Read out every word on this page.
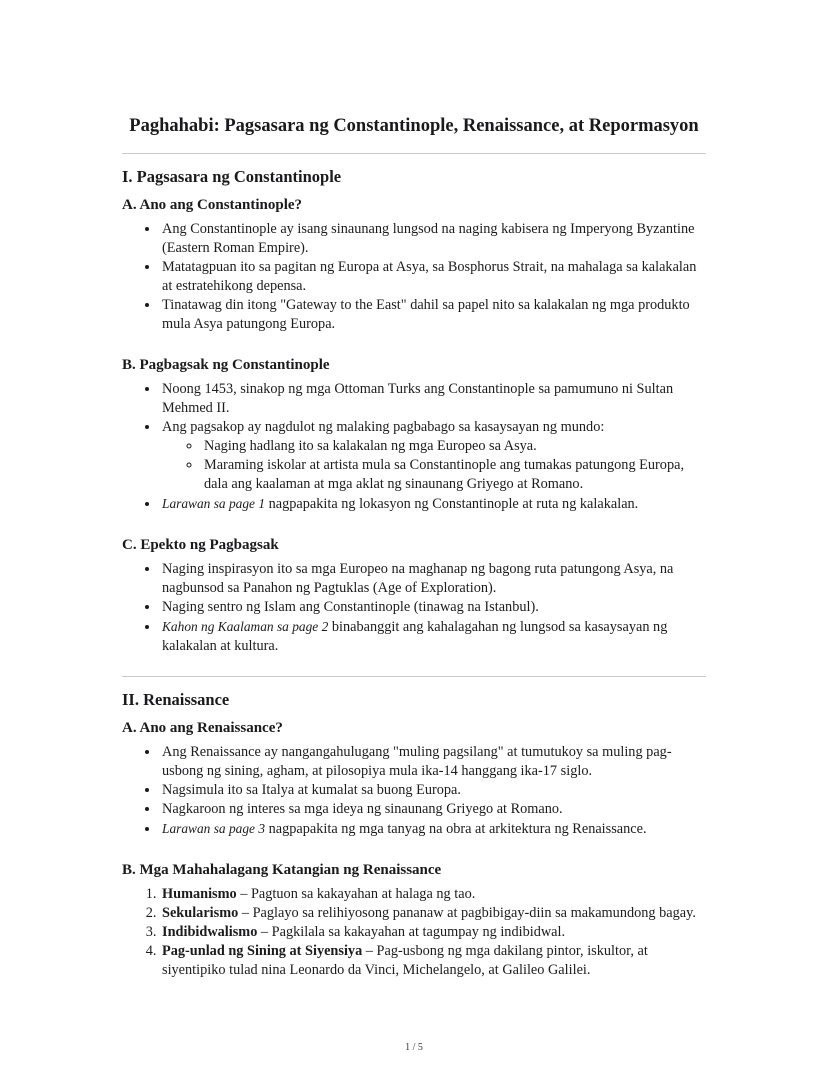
Paghahabi: Pagsasara ng Constantinople, Renaissance, at Repormasyon
I. Pagsasara ng Constantinople
A. Ano ang Constantinople?
• Ang Constantinople ay isang sinaunang lungsod na naging kabisera ng Imperyong Byzantine (Eastern Roman Empire).
• Matatagpuan ito sa pagitan ng Europa at Asya, sa Bosphorus Strait, na mahalaga sa kalakalan at estratehikong depensa.
• Tinatawag din itong "Gateway to the East" dahil sa papel nito sa kalakalan ng mga produkto mula Asya patungong Europa.
B. Pagbagsak ng Constantinople
• Noong 1453, sinakop ng mga Ottoman Turks ang Constantinople sa pamumuno ni Sultan Mehmed II.
• Ang pagsakop ay nagdulot ng malaking pagbabago sa kasaysayan ng mundo:
◦ Naging hadlang ito sa kalakalan ng mga Europeo sa Asya.
◦ Maraming iskolar at artista mula sa Constantinople ang tumakas patungong Europa, dala ang kaalaman at mga aklat ng sinaunang Griyego at Romano.
• Larawan sa page 1 nagpapakita ng lokasyon ng Constantinople at ruta ng kalakalan.
C. Epekto ng Pagbagsak
• Naging inspirasyon ito sa mga Europeo na maghanap ng bagong ruta patungong Asya, na nagbunsod sa Panahon ng Pagtuklas (Age of Exploration).
• Naging sentro ng Islam ang Constantinople (tinawag na Istanbul).
• Kahon ng Kaalaman sa page 2 binabanggit ang kahalagahan ng lungsod sa kasaysayan ng kalakalan at kultura.
II. Renaissance
A. Ano ang Renaissance?
• Ang Renaissance ay nangangahulugang "muling pagsilang" at tumutukoy sa muling pag-usbong ng sining, agham, at pilosopiya mula ika-14 hanggang ika-17 siglo.
• Nagsimula ito sa Italya at kumalat sa buong Europa.
• Nagkaroon ng interes sa mga ideya ng sinaunang Griyego at Romano.
• Larawan sa page 3 nagpapakita ng mga tanyag na obra at arkitektura ng Renaissance.
B. Mga Mahahalagang Katangian ng Renaissance
1. Humanismo – Pagtuon sa kakayahan at halaga ng tao.
2. Sekularismo – Paglayo sa relihiyosong pananaw at pagbibigay-diin sa makamundong bagay.
3. Indibidwalismo – Pagkilala sa kakayahan at tagumpay ng indibidwal.
4. Pag-unlad ng Sining at Siyensiya – Pag-usbong ng mga dakilang pintor, iskultor, at siyentipiko tulad nina Leonardo da Vinci, Michelangelo, at Galileo Galilei.
1 / 5
